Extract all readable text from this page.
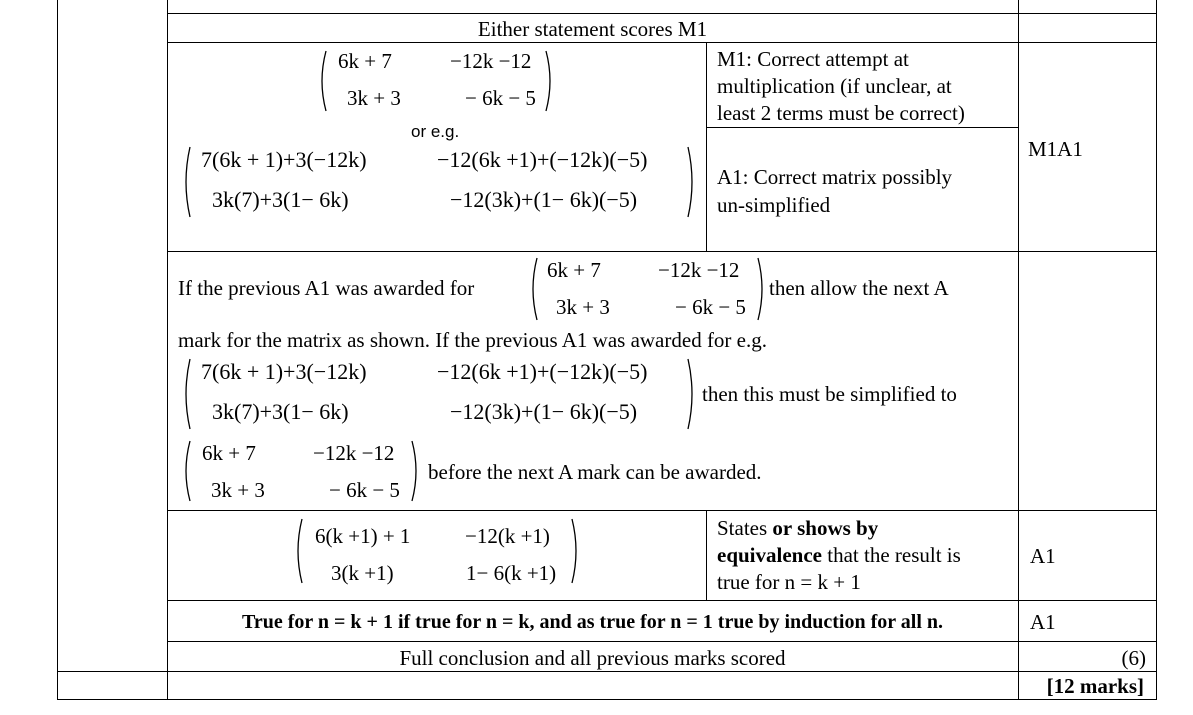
Either statement scores M1
6k + 7	−12k −12
3k + 3	− 6k − 5
or e.g.
7(6k + 1)+3(−12k)	−12(6k +1)+(−12k)(−5)
3k(7)+3(1− 6k)	−12(3k)+(1− 6k)(−5)
M1: Correct attempt at
multiplication (if unclear, at
least 2 terms must be correct)
A1: Correct matrix possibly
un-simplified
M1A1
If the previous A1 was awarded for
6k + 7	−12k −12
3k + 3	− 6k − 5
then allow the next A
mark for the matrix as shown. If the previous A1 was awarded for e.g.
7(6k + 1)+3(−12k)	−12(6k +1)+(−12k)(−5)
3k(7)+3(1− 6k)	−12(3k)+(1− 6k)(−5)
then this must be simplified to
6k + 7	−12k −12
3k + 3	− 6k − 5
before the next A mark can be awarded.
6(k +1) + 1	−12(k +1)
3(k +1)	1− 6(k +1)
States or shows by
equivalence that the result is
true for n = k + 1
A1
True for n = k + 1 if true for n = k, and as true for n = 1 true by induction for all n.	A1
Full conclusion and all previous marks scored	(6)
[12 marks]
